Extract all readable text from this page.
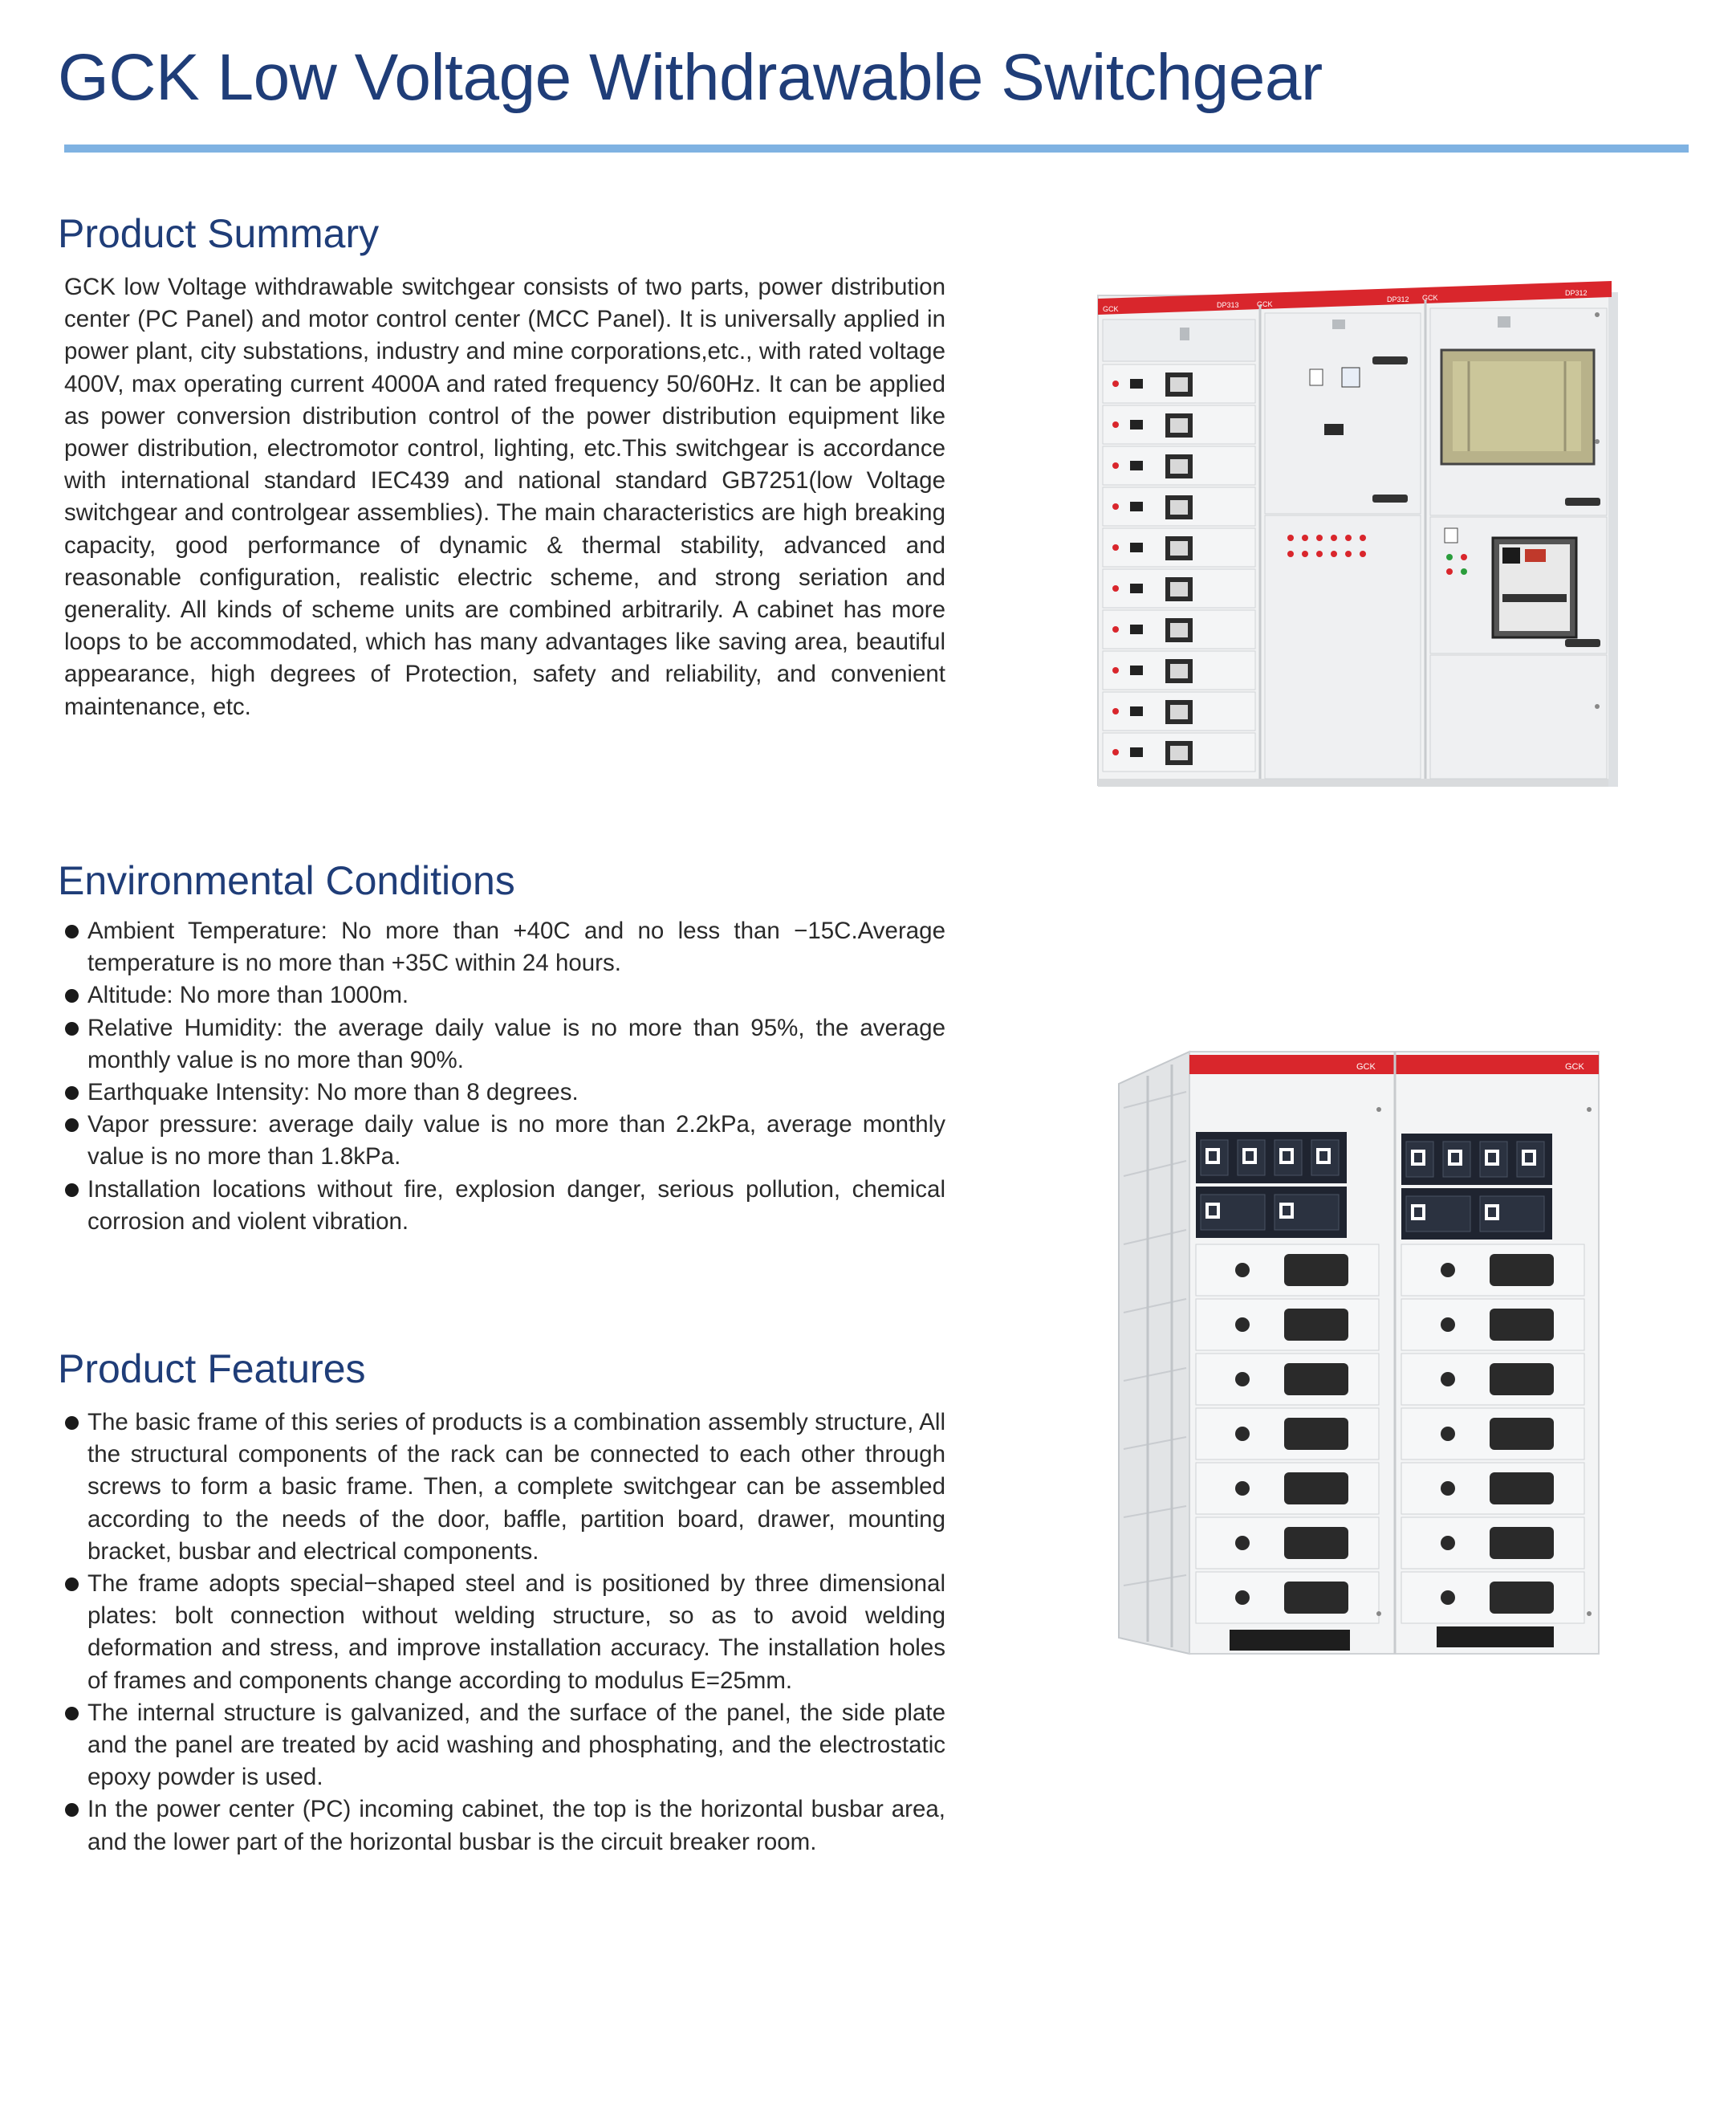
GCK Low Voltage Withdrawable Switchgear
Product Summary

GCK low Voltage withdrawable switchgear consists of two parts, power distribution center (PC Panel) and motor control center (MCC Panel). It is universally applied in power plant, city substations, industry and mine corporations,etc., with rated voltage 400V, max operating current 4000A and rated frequency 50/60Hz. It can be applied as power conversion distribution control of the power distribution equipment like power distribution, electromotor control, lighting, etc.This switchgear is accordance with international standard IEC439 and national standard GB7251(low Voltage switchgear and controlgear assemblies). The main characteristics are high breaking capacity, good performance of dynamic & thermal stability, advanced and reasonable configuration, realistic electric scheme, and strong seriation and generality. All kinds of scheme units are combined arbitrarily. A cabinet has more loops to be accommodated, which has many advantages like saving area, beautiful appearance, high degrees of Protection, safety and reliability, and convenient maintenance, etc.

Environmental Conditions
Ambient Temperature: No more than +40C and no less than −15C.Average temperature is no more than +35C within 24 hours.
Altitude: No more than 1000m.
Relative Humidity: the average daily value is no more than 95%, the average monthly value is no more than 90%.
Earthquake Intensity: No more than 8 degrees.
Vapor pressure: average daily value is no more than 2.2kPa, average monthly value is no more than 1.8kPa.
Installation locations without fire, explosion danger, serious pollution, chemical corrosion and violent vibration.
Product Features
The basic frame of this series of products is a combination assembly structure, All the structural components of the rack can be connected to each other through screws to form a basic frame. Then, a complete switchgear can be assembled according to the needs of the door, baffle, partition board, drawer, mounting bracket, busbar and electrical components.
The frame adopts special−shaped steel and is positioned by three dimensional plates: bolt connection without welding structure, so as to avoid welding deformation and stress, and improve installation accuracy. The installation holes of frames and components change according to modulus E=25mm.
The internal structure is galvanized, and the surface of the panel, the side plate and the panel are treated by acid washing and phosphating, and the electrostatic epoxy powder is used.
In the power center (PC) incoming cabinet, the top is the horizontal busbar area, and the lower part of the horizontal busbar is the circuit breaker room.
GCK	DP313 GCK
DP312 GCK
DP312
GCK	GCK
